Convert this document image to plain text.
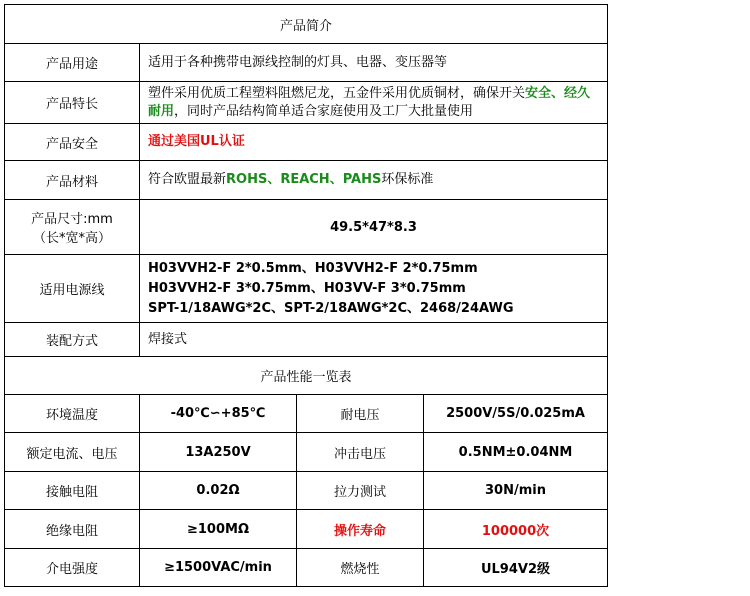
产品简介			
产品用途	适用于各种携带电源线控制的灯具、电器、变压器等		
产品特长	塑件采用优质工程塑料阻燃尼龙，五金件采用优质铜材，确保开关安全、经久耐用，同时产品结构简单适合家庭使用及工厂大批量使用		
产品安全	通过美国UL认证		
产品材料	符合欧盟最新ROHS、REACH、PAHS环保标准		

产品尺寸:mm
（长*宽*高）	49.5*47*8.3		
适用电源线	H03VVH2-F 2*0.5mm、H03VVH2-F 2*0.75mm
H03VVH2-F 3*0.75mm、H03VV-F 3*0.75mm
SPT-1/18AWG*2C、SPT-2/18AWG*2C、2468/24AWG		

装配方式	焊接式		
产品性能一览表			
环境温度	-40℃∽+85℃	耐电压	2500V/5S/0.025mA
额定电流、电压	13A250V	冲击电压	0.5NM±0.04NM
接触电阻	0.02Ω	拉力测试	30N/min
绝缘电阻	≥100MΩ	操作寿命	100000次
介电强度	≥1500VAC/min	燃烧性	UL94V2级
